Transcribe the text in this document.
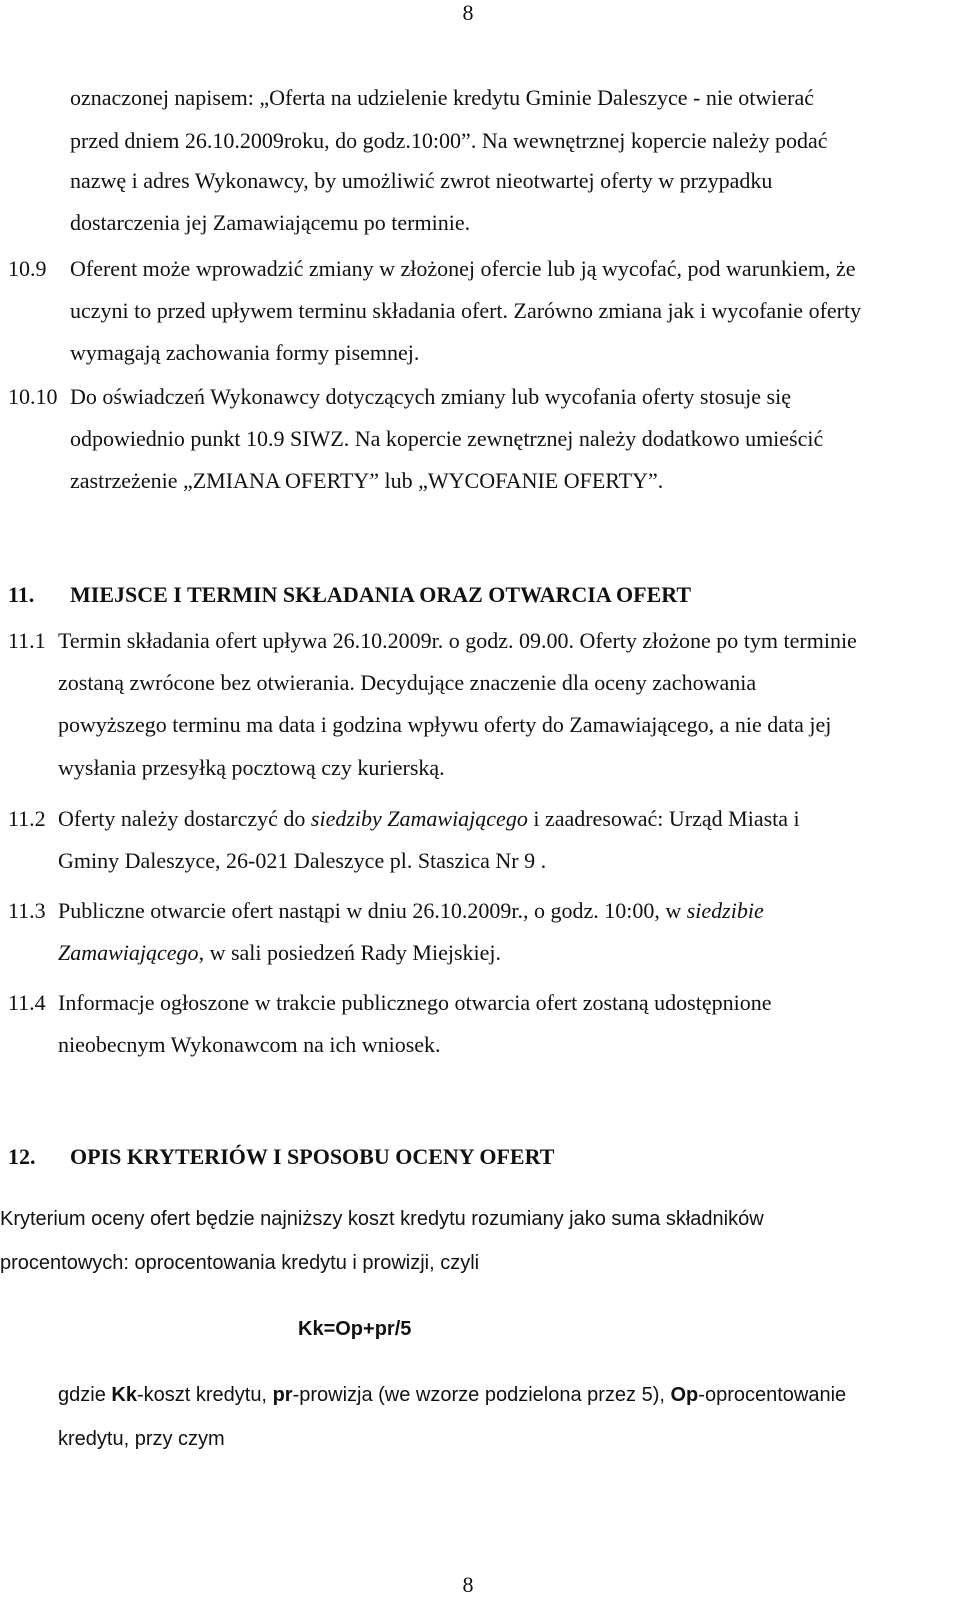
8
oznaczonej napisem: „Oferta na udzielenie kredytu Gminie Daleszyce - nie otwierać
przed dniem 26.10.2009roku, do godz.10:00”. Na wewnętrznej kopercie należy podać
nazwę i adres Wykonawcy, by umożliwić zwrot nieotwartej oferty w przypadku
dostarczenia jej Zamawiającemu po terminie.
10.9 Oferent może wprowadzić zmiany w złożonej ofercie lub ją wycofać, pod warunkiem, że
uczyni to przed upływem terminu składania ofert. Zarówno zmiana jak i wycofanie oferty
wymagają zachowania formy pisemnej.
10.10 Do oświadczeń Wykonawcy dotyczących zmiany lub wycofania oferty stosuje się
odpowiednio punkt 10.9 SIWZ. Na kopercie zewnętrznej należy dodatkowo umieścić
zastrzeżenie „ZMIANA OFERTY” lub „WYCOFANIE OFERTY”.
11. MIEJSCE I TERMIN SKŁADANIA ORAZ OTWARCIA OFERT
11.1 Termin składania ofert upływa 26.10.2009r. o godz. 09.00. Oferty złożone po tym terminie
zostaną zwrócone bez otwierania. Decydujące znaczenie dla oceny zachowania
powyższego terminu ma data i godzina wpływu oferty do Zamawiającego, a nie data jej
wysłania przesyłką pocztową czy kurierską.
11.2 Oferty należy dostarczyć do siedziby Zamawiającego i zaadresować: Urząd Miasta i
Gminy Daleszyce, 26-021 Daleszyce pl. Staszica Nr 9 .
11.3 Publiczne otwarcie ofert nastąpi w dniu 26.10.2009r., o godz. 10:00, w siedzibie
Zamawiającego, w sali posiedzeń Rady Miejskiej.
11.4 Informacje ogłoszone w trakcie publicznego otwarcia ofert zostaną udostępnione
nieobecnym Wykonawcom na ich wniosek.
12. OPIS KRYTERIÓW I SPOSOBU OCENY OFERT
Kryterium oceny ofert będzie najniższy koszt kredytu rozumiany jako suma składników
procentowych: oprocentowania kredytu i prowizji, czyli
Kk=Op+pr/5
gdzie Kk-koszt kredytu, pr-prowizja (we wzorze podzielona przez 5), Op-oprocentowanie
kredytu, przy czym
8
